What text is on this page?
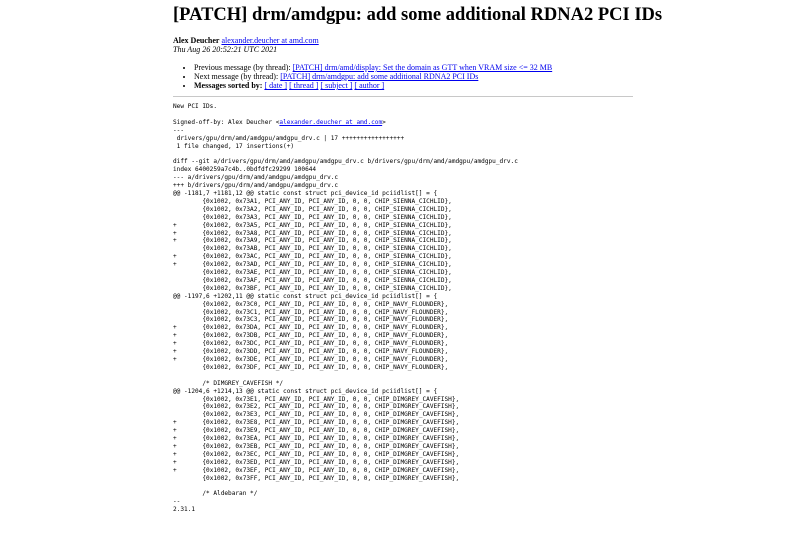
[PATCH] drm/amdgpu: add some additional RDNA2 PCI IDs
Alex Deucher alexander.deucher at amd.com
Thu Aug 26 20:52:21 UTC 2021
• Previous message (by thread): [PATCH] drm/amd/display: Set the domain as GTT when VRAM size <= 32 MB
• Next message (by thread): [PATCH] drm/amdgpu: add some additional RDNA2 PCI IDs
• Messages sorted by: [ date ] [ thread ] [ subject ] [ author ]
New PCI IDs.

Signed-off-by: Alex Deucher <alexander.deucher at amd.com>
---
drivers/gpu/drm/amd/amdgpu/amdgpu_drv.c | 17 +++++++++++++++++
1 file changed, 17 insertions(+)

diff --git a/drivers/gpu/drm/amd/amdgpu/amdgpu_drv.c b/drivers/gpu/drm/amd/amdgpu/amdgpu_drv.c
index 6400259a7c4b..0bdfdfc29299 100644
--- a/drivers/gpu/drm/amd/amdgpu/amdgpu_drv.c
+++ b/drivers/gpu/drm/amd/amdgpu/amdgpu_drv.c
@@ -1181,7 +1181,12 @@ static const struct pci_device_id pciidlist[] = {
	{0x1002, 0x73A1, PCI_ANY_ID, PCI_ANY_ID, 0, 0, CHIP_SIENNA_CICHLID},
	{0x1002, 0x73A2, PCI_ANY_ID, PCI_ANY_ID, 0, 0, CHIP_SIENNA_CICHLID},
	{0x1002, 0x73A3, PCI_ANY_ID, PCI_ANY_ID, 0, 0, CHIP_SIENNA_CICHLID},
+	{0x1002, 0x73A5, PCI_ANY_ID, PCI_ANY_ID, 0, 0, CHIP_SIENNA_CICHLID},
+	{0x1002, 0x73A8, PCI_ANY_ID, PCI_ANY_ID, 0, 0, CHIP_SIENNA_CICHLID},
+	{0x1002, 0x73A9, PCI_ANY_ID, PCI_ANY_ID, 0, 0, CHIP_SIENNA_CICHLID},
	{0x1002, 0x73AB, PCI_ANY_ID, PCI_ANY_ID, 0, 0, CHIP_SIENNA_CICHLID},
+	{0x1002, 0x73AC, PCI_ANY_ID, PCI_ANY_ID, 0, 0, CHIP_SIENNA_CICHLID},
+	{0x1002, 0x73AD, PCI_ANY_ID, PCI_ANY_ID, 0, 0, CHIP_SIENNA_CICHLID},
	{0x1002, 0x73AE, PCI_ANY_ID, PCI_ANY_ID, 0, 0, CHIP_SIENNA_CICHLID},
	{0x1002, 0x73AF, PCI_ANY_ID, PCI_ANY_ID, 0, 0, CHIP_SIENNA_CICHLID},
	{0x1002, 0x73BF, PCI_ANY_ID, PCI_ANY_ID, 0, 0, CHIP_SIENNA_CICHLID},
@@ -1197,6 +1202,11 @@ static const struct pci_device_id pciidlist[] = {
	{0x1002, 0x73C0, PCI_ANY_ID, PCI_ANY_ID, 0, 0, CHIP_NAVY_FLOUNDER},
	{0x1002, 0x73C1, PCI_ANY_ID, PCI_ANY_ID, 0, 0, CHIP_NAVY_FLOUNDER},
	{0x1002, 0x73C3, PCI_ANY_ID, PCI_ANY_ID, 0, 0, CHIP_NAVY_FLOUNDER},
+	{0x1002, 0x73DA, PCI_ANY_ID, PCI_ANY_ID, 0, 0, CHIP_NAVY_FLOUNDER},
+	{0x1002, 0x73DB, PCI_ANY_ID, PCI_ANY_ID, 0, 0, CHIP_NAVY_FLOUNDER},
+	{0x1002, 0x73DC, PCI_ANY_ID, PCI_ANY_ID, 0, 0, CHIP_NAVY_FLOUNDER},
+	{0x1002, 0x73DD, PCI_ANY_ID, PCI_ANY_ID, 0, 0, CHIP_NAVY_FLOUNDER},
+	{0x1002, 0x73DE, PCI_ANY_ID, PCI_ANY_ID, 0, 0, CHIP_NAVY_FLOUNDER},
	{0x1002, 0x73DF, PCI_ANY_ID, PCI_ANY_ID, 0, 0, CHIP_NAVY_FLOUNDER},

	/* DIMGREY_CAVEFISH */
@@ -1204,6 +1214,13 @@ static const struct pci_device_id pciidlist[] = {
	{0x1002, 0x73E1, PCI_ANY_ID, PCI_ANY_ID, 0, 0, CHIP_DIMGREY_CAVEFISH},
	{0x1002, 0x73E2, PCI_ANY_ID, PCI_ANY_ID, 0, 0, CHIP_DIMGREY_CAVEFISH},
	{0x1002, 0x73E3, PCI_ANY_ID, PCI_ANY_ID, 0, 0, CHIP_DIMGREY_CAVEFISH},
+	{0x1002, 0x73E8, PCI_ANY_ID, PCI_ANY_ID, 0, 0, CHIP_DIMGREY_CAVEFISH},
+	{0x1002, 0x73E9, PCI_ANY_ID, PCI_ANY_ID, 0, 0, CHIP_DIMGREY_CAVEFISH},
+	{0x1002, 0x73EA, PCI_ANY_ID, PCI_ANY_ID, 0, 0, CHIP_DIMGREY_CAVEFISH},
+	{0x1002, 0x73EB, PCI_ANY_ID, PCI_ANY_ID, 0, 0, CHIP_DIMGREY_CAVEFISH},
+	{0x1002, 0x73EC, PCI_ANY_ID, PCI_ANY_ID, 0, 0, CHIP_DIMGREY_CAVEFISH},
+	{0x1002, 0x73ED, PCI_ANY_ID, PCI_ANY_ID, 0, 0, CHIP_DIMGREY_CAVEFISH},
+	{0x1002, 0x73EF, PCI_ANY_ID, PCI_ANY_ID, 0, 0, CHIP_DIMGREY_CAVEFISH},
	{0x1002, 0x73FF, PCI_ANY_ID, PCI_ANY_ID, 0, 0, CHIP_DIMGREY_CAVEFISH},

	/* Aldebaran */
--
2.31.1
